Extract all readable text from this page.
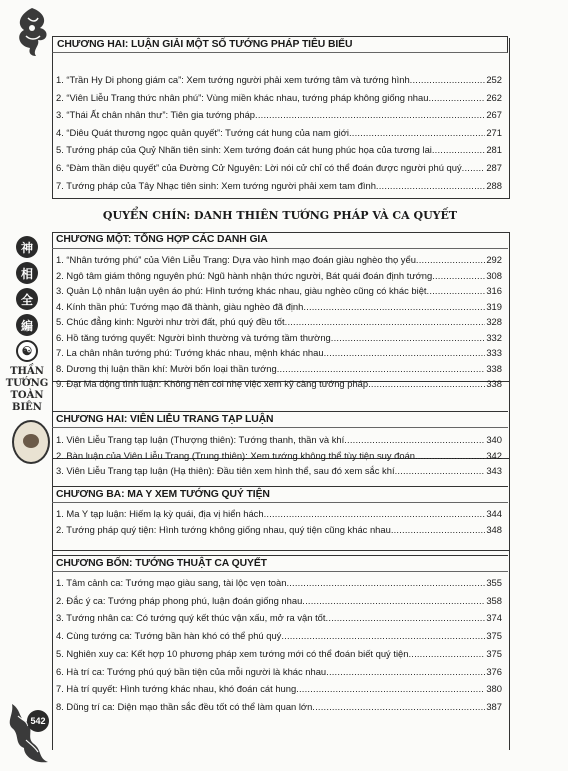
神
相
全
編
☯
THẦN
TƯỚNG
TOÀN
BIÊN
542
CHƯƠNG HAI: LUẬN GIẢI MỘT SỐ TƯỚNG PHÁP TIÊU BIỂU
1. “Trần Hy Di phong giám ca”: Xem tướng người phải xem tướng tâm và tướng hình .....	252
2. “Viên Liễu Trang thức nhân phú”: Vùng miền khác nhau, tướng pháp không giống nhau .....	262
3. “Thái Ất chân nhân thư”: Tiên gia tướng pháp .....	267
4. “Diêu Quát thương ngọc quản quyết”: Tướng cát hung của nam giới .....	271
5. Tướng pháp của Quỷ Nhãn tiên sinh: Xem tướng đoán cát hung phúc họa của tương lai .....	281
6. “Đàm thần diệu quyết” của Đường Cử Nguyên: Lời nói cử chỉ có thể đoán được người phú quý .....	287
7. Tướng pháp của Tây Nhạc tiên sinh: Xem tướng người phải xem tam đình .....	288
QUYỂN CHÍN: DANH THIÊN TƯỚNG PHÁP VÀ CA QUYẾT
CHƯƠNG MỘT: TỔNG HỢP CÁC DANH GIA
1. “Nhân tướng phú” của Viên Liễu Trang: Dựa vào hình mạo đoán giàu nghèo thọ yểu .....	292
2. Ngô tâm giám thông nguyên phú: Ngũ hành nhận thức người, Bát quái đoán định tướng .....	308
3. Quản Lộ nhân luận uyên áo phú: Hình tướng khác nhau, giàu nghèo cũng có khác biệt .....	316
4. Kính thần phú: Tướng mạo đã thành, giàu nghèo đã định .....	319
5. Chúc đẳng kinh: Người như trời đất, phú quý đều tốt .....	328
6. Hồ tăng tướng quyết: Người bình thường và tướng tầm thường .....	332
7. La chân nhân tướng phú: Tướng khác nhau, mệnh khác nhau .....	333
8. Dương thị luận thần khí: Mười bốn loại thần tướng .....	338
9. Đạt Ma động tình luận: Không nên coi nhẹ việc xem kỹ càng tướng pháp .....	338
CHƯƠNG HAI: VIÊN LIỄU TRANG TẠP LUẬN
1. Viên Liễu Trang tạp luận (Thượng thiên): Tướng thanh, thần và khí .....	340
2. Bàn luận của Viên Liễu Trang (Trung thiên): Xem tướng không thể tùy tiện suy đoán .....	342
3. Viên Liễu Trang tạp luận (Hạ thiên): Đầu tiên xem hình thể, sau đó xem sắc khí .....	343
CHƯƠNG BA: MA Y XEM TƯỚNG QUÝ TIỆN
1. Ma Y tạp luận: Hiếm lạ kỳ quái, địa vị hiển hách .....	344
2. Tướng pháp quý tiện: Hình tướng không giống nhau, quý tiện cũng khác nhau .....	348
CHƯƠNG BỐN: TƯỚNG THUẬT CA QUYẾT
1. Tâm cảnh ca: Tướng mạo giàu sang, tài lộc vẹn toàn .....	355
2. Đắc ý ca: Tướng pháp phong phú, luận đoán giống nhau .....	358
3. Tướng nhân ca: Có tướng quý kết thúc vận xấu, mở ra vận tốt .....	374
4. Cùng tướng ca: Tướng bần hàn khó có thể phú quý .....	375
5. Nghiên xuy ca: Kết hợp 10 phương pháp xem tướng mới có thể đoán biết quý tiện .....	375
6. Hà trí ca: Tướng phú quý bần tiện của mỗi người là khác nhau .....	376
7. Hà trí quyết: Hình tướng khác nhau, khó đoán cát hung .....	380
8. Dũng trí ca: Diện mạo thần sắc đều tốt có thể làm quan lớn .....	387
